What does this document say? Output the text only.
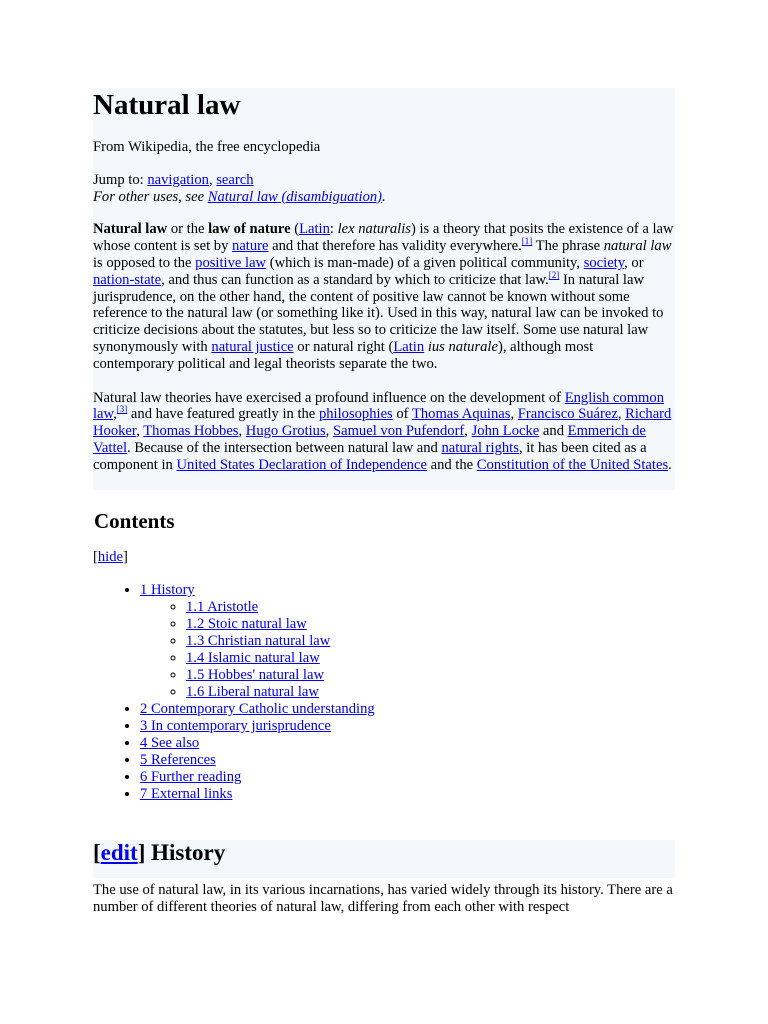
Natural law
From Wikipedia, the free encyclopedia
Jump to: navigation, search
For other uses, see Natural law (disambiguation).
Natural law or the law of nature (Latin: lex naturalis) is a theory that posits the existence of a law whose content is set by nature and that therefore has validity everywhere.[1] The phrase natural law is opposed to the positive law (which is man-made) of a given political community, society, or nation-state, and thus can function as a standard by which to criticize that law.[2] In natural law jurisprudence, on the other hand, the content of positive law cannot be known without some reference to the natural law (or something like it). Used in this way, natural law can be invoked to criticize decisions about the statutes, but less so to criticize the law itself. Some use natural law synonymously with natural justice or natural right (Latin ius naturale), although most contemporary political and legal theorists separate the two.
Natural law theories have exercised a profound influence on the development of English common law,[3] and have featured greatly in the philosophies of Thomas Aquinas, Francisco Suárez, Richard Hooker, Thomas Hobbes, Hugo Grotius, Samuel von Pufendorf, John Locke and Emmerich de Vattel. Because of the intersection between natural law and natural rights, it has been cited as a component in United States Declaration of Independence and the Constitution of the United States.
Contents
[hide]
• 1 History
◦ 1.1 Aristotle
◦ 1.2 Stoic natural law
◦ 1.3 Christian natural law
◦ 1.4 Islamic natural law
◦ 1.5 Hobbes' natural law
◦ 1.6 Liberal natural law
• 2 Contemporary Catholic understanding
• 3 In contemporary jurisprudence
• 4 See also
• 5 References
• 6 Further reading
• 7 External links
[edit] History
The use of natural law, in its various incarnations, has varied widely through its history. There are a number of different theories of natural law, differing from each other with respect
